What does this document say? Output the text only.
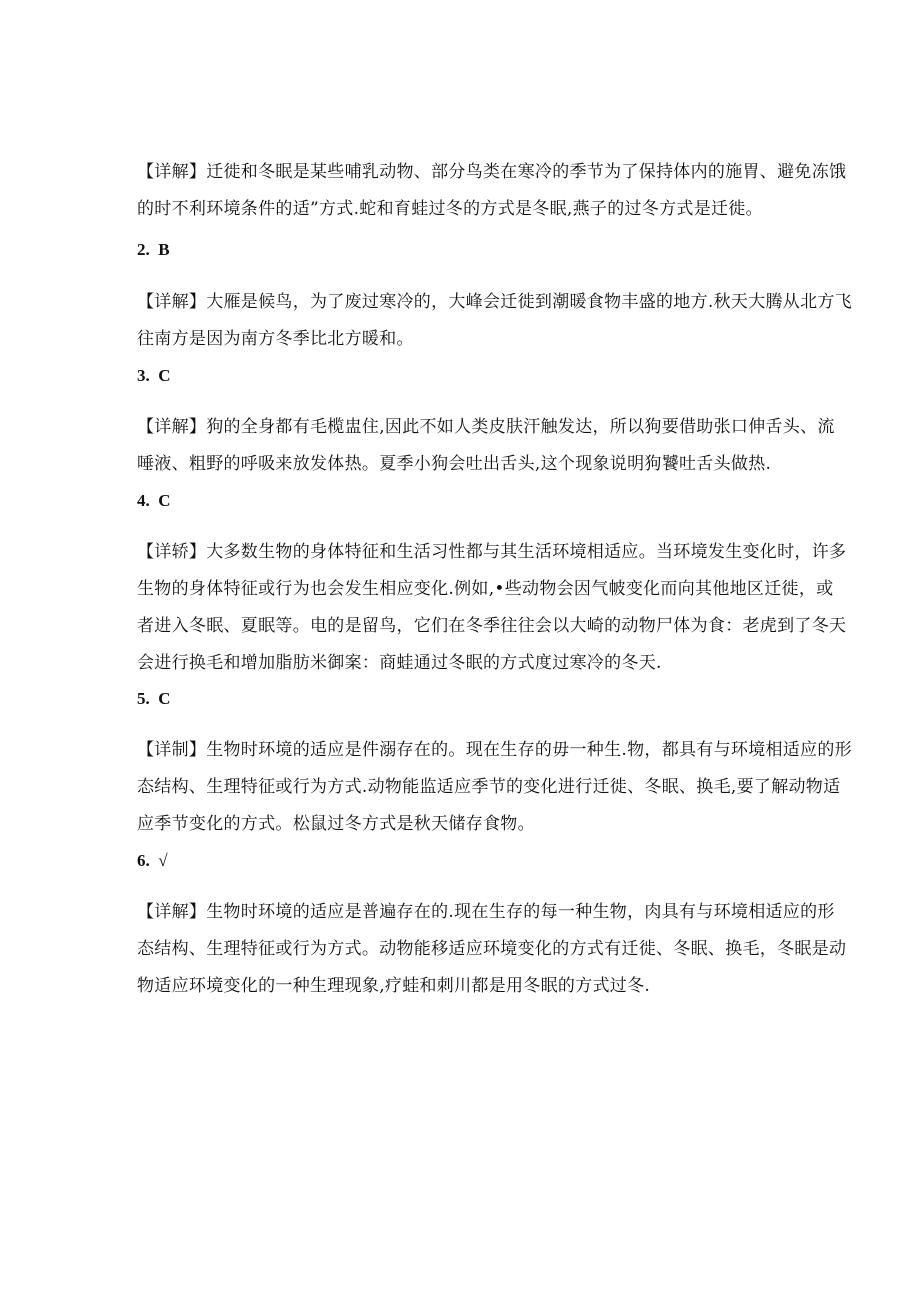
【详解】迁徙和冬眠是某些哺乳动物、部分鸟类在寒冷的季节为了保持体内的施胃、避免冻饿
的时不利环境条件的适”方式.蛇和育蛙过冬的方式是冬眠,燕子的过冬方式是迁徙。

2. B

【详解】大雁是候鸟，为了废过寒冷的，大峰会迁徙到潮暖食物丰盛的地方.秋天大腾从北方飞
往南方是因为南方冬季比北方暖和。

3. C

【详解】狗的全身都有毛榄盅住,因此不如人类皮肤汗触发达，所以狗要借助张口伸舌头、流
唾液、粗野的呼吸来放发体热。夏季小狗会吐出舌头,这个现象说明狗饕吐舌头做热.

4. C

【详轿】大多数生物的身体特征和生活习性都与其生活环境相适应。当环境发生变化时，许多
生物的身体特征或行为也会发生相应变化.例如,•些动物会因气帔变化而向其他地区迁徙，或
者进入冬眠、夏眠等。电的是留鸟，它们在冬季往往会以大崎的动物尸体为食：老虎到了冬天
会进行换毛和增加脂肪米御案：商蛙通过冬眠的方式度过寒冷的冬天.

5. C

【详制】生物时环境的适应是件溺存在的。现在生存的毋一种生.物，都具有与环境相适应的形
态结构、生理特征或行为方式.动物能监适应季节的变化进行迁徙、冬眠、换毛,要了解动物适
应季节变化的方式。松鼠过冬方式是秋天储存食物。

6. √

【详解】生物时环境的适应是普遍存在的.现在生存的每一种生物，肉具有与环境相适应的形
态结构、生理特征或行为方式。动物能移适应环境变化的方式有迁徙、冬眠、换毛，冬眠是动
物适应环境变化的一种生理现象,疗蛙和刺川都是用冬眠的方式过冬.
